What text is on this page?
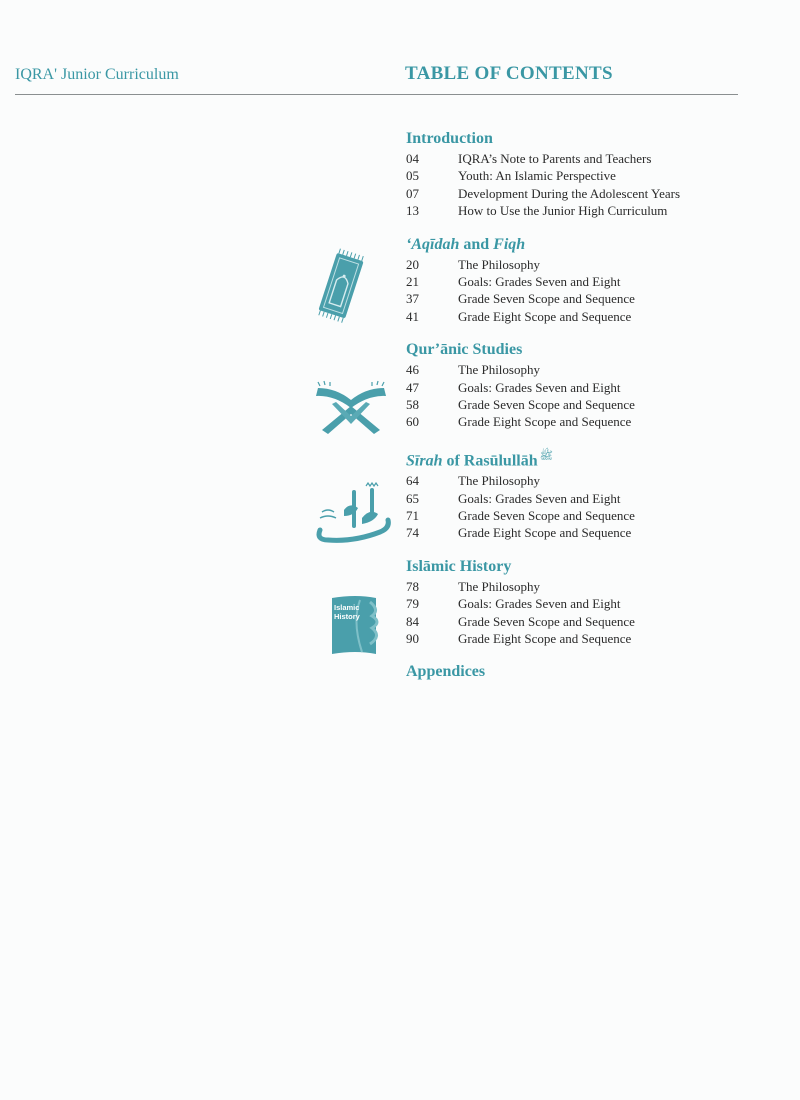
IQRA' Junior Curriculum	TABLE OF CONTENTS
Introduction
04	IQRA’s Note to Parents and Teachers
05	Youth: An Islamic Perspective
07	Development During the Adolescent Years
13	How to Use the Junior High Curriculum
‘Aqīdah and Fiqh
20	The Philosophy
21	Goals: Grades Seven and Eight
37	Grade Seven Scope and Sequence
41	Grade Eight Scope and Sequence
Qur’ānic Studies
46	The Philosophy
47	Goals: Grades Seven and Eight
58	Grade Seven Scope and Sequence
60	Grade Eight Scope and Sequence
Sīrah of Rasūlullāh $^ﷺ$
64	The Philosophy
65	Goals: Grades Seven and Eight
71	Grade Seven Scope and Sequence
74	Grade Eight Scope and Sequence
Islāmic History
78	The Philosophy
79	Goals: Grades Seven and Eight
84	Grade Seven Scope and Sequence
90	Grade Eight Scope and Sequence
Appendices
Islamic
History
